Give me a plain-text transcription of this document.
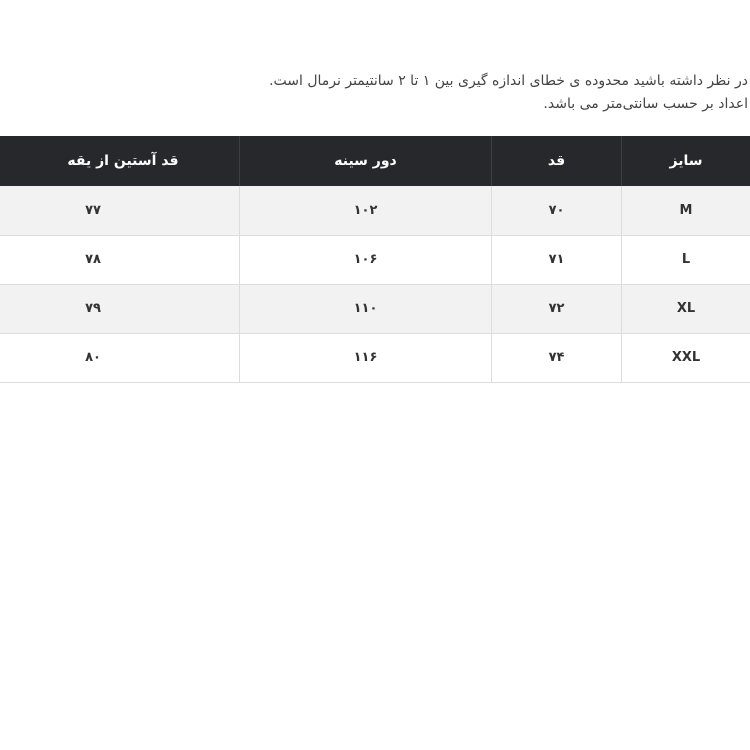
در نظر داشته باشید محدوده ی خطای اندازه گیری بین ۱ تا ۲ سانتیمتر نرمال است.
اعداد بر حسب سانتی‌متر می باشد.
سایز	قد	دور سینه	قد آستین از یقه
M	۷۰	۱۰۲	۷۷
L	۷۱	۱۰۶	۷۸
XL	۷۲	۱۱۰	۷۹
XXL	۷۴	۱۱۶	۸۰
